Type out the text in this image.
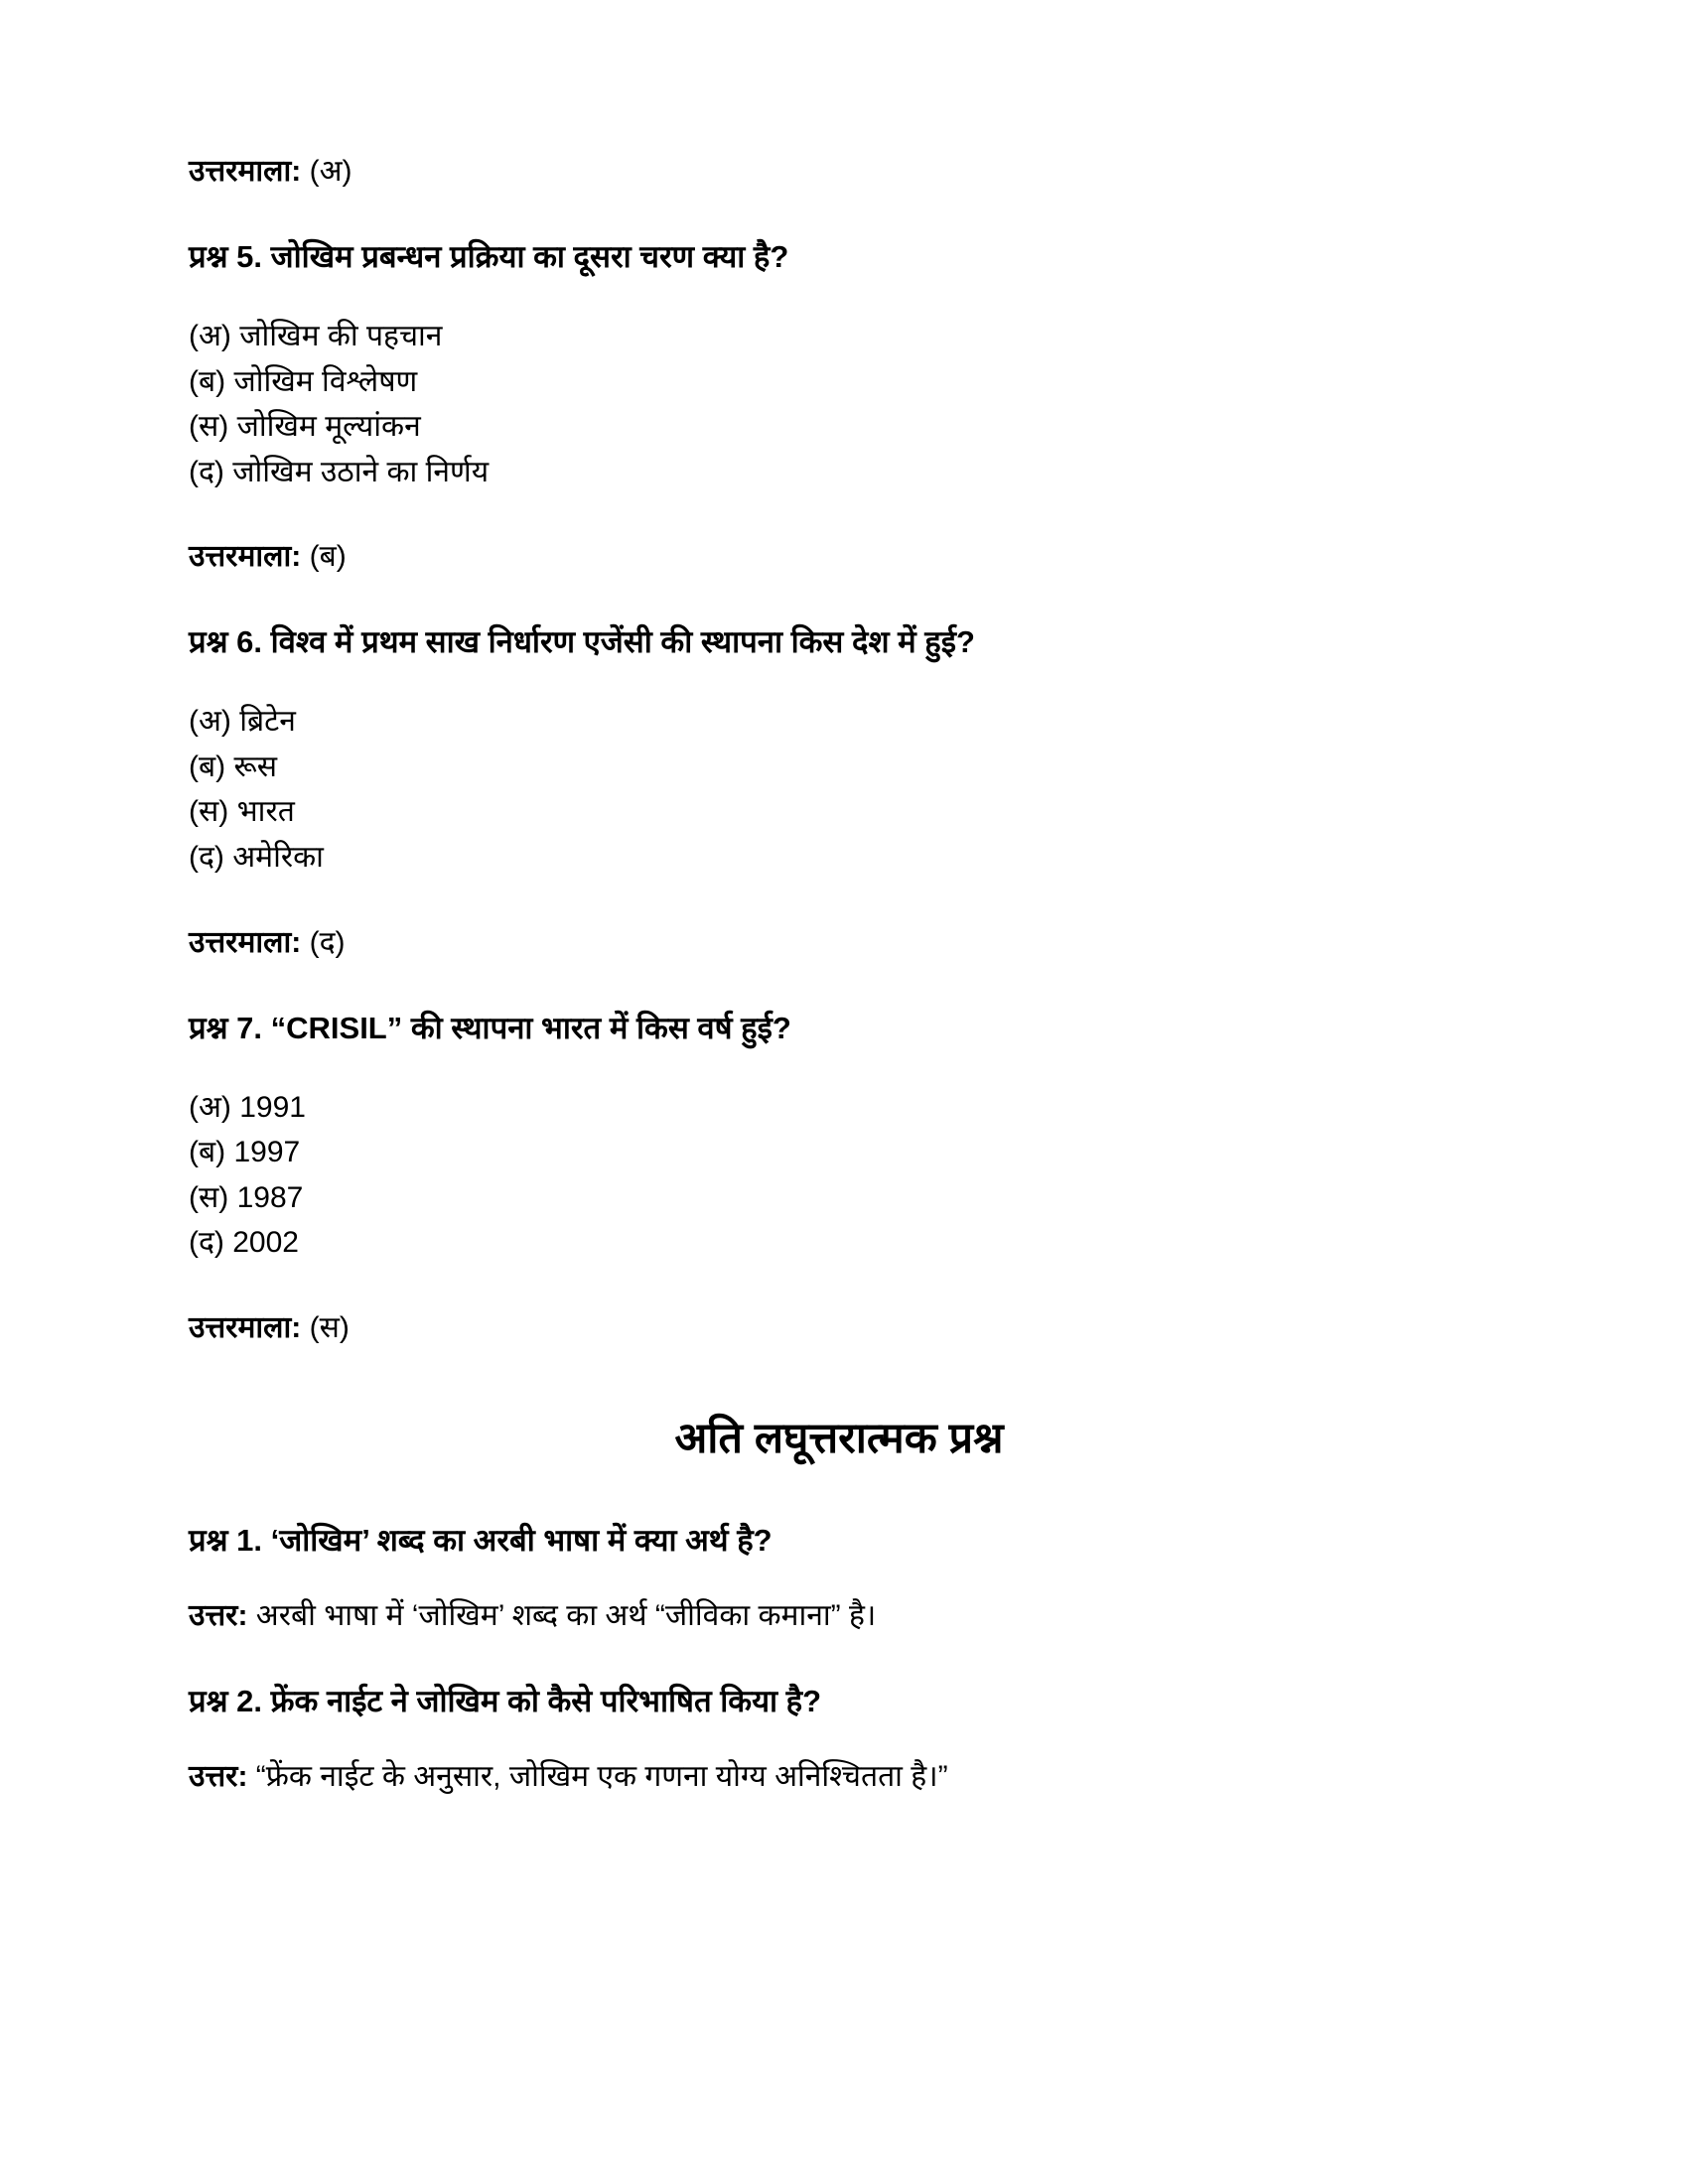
उत्तरमाला: (अ)

प्रश्न 5. जोखिम प्रबन्धन प्रक्रिया का दूसरा चरण क्या है?
(अ) जोखिम की पहचान
(ब) जोखिम विश्लेषण
(स) जोखिम मूल्यांकन
(द) जोखिम उठाने का निर्णय

उत्तरमाला: (ब)

प्रश्न 6. विश्व में प्रथम साख निर्धारण एजेंसी की स्थापना किस देश में हुई?
(अ) ब्रिटेन
(ब) रूस
(स) भारत
(द) अमेरिका

उत्तरमाला: (द)

प्रश्न 7. “CRISIL” की स्थापना भारत में किस वर्ष हुई?
(अ) 1991
(ब) 1997
(स) 1987
(द) 2002

उत्तरमाला: (स)

अति लघूत्तरात्मक प्रश्न
प्रश्न 1. ‘जोखिम’ शब्द का अरबी भाषा में क्या अर्थ है?

उत्तर: अरबी भाषा में ‘जोखिम’ शब्द का अर्थ “जीविका कमाना” है।

प्रश्न 2. फ्रेंक नाईट ने जोखिम को कैसे परिभाषित किया है?

उत्तर: “फ्रेंक नाईट के अनुसार, जोखिम एक गणना योग्य अनिश्चितता है।”
